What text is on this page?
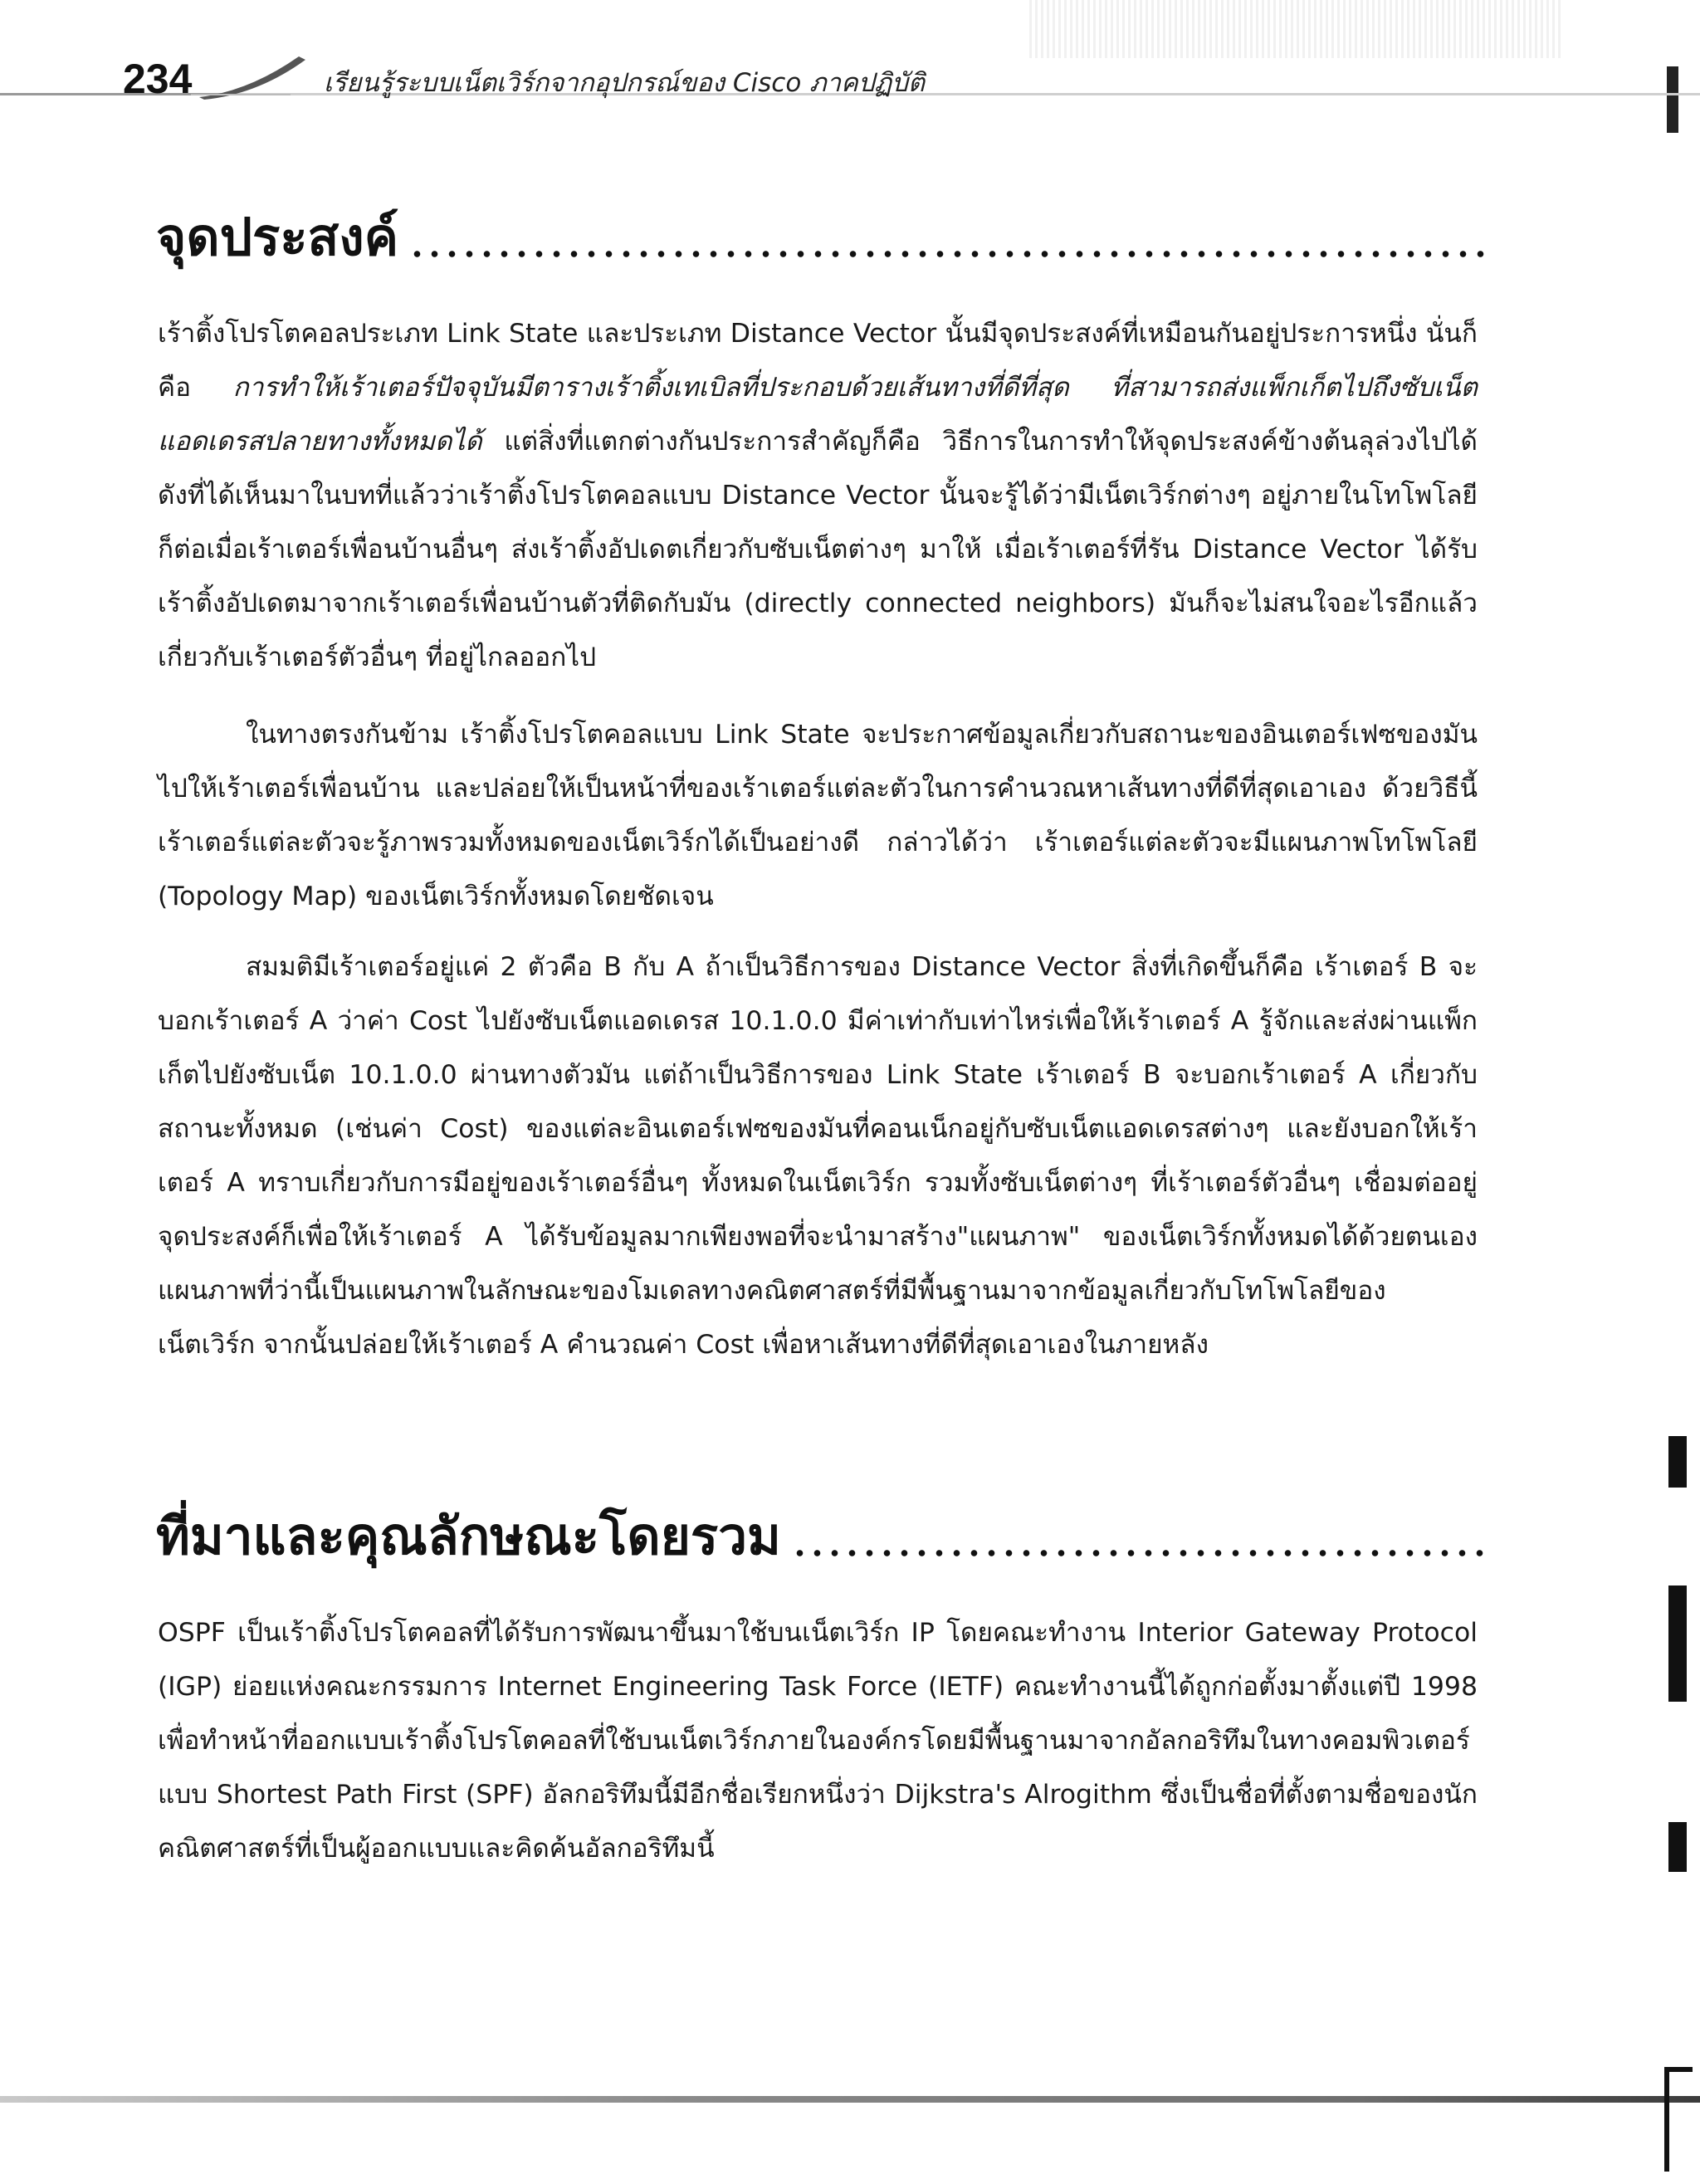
234	เรียนรู้ระบบเน็ตเวิร์กจากอุปกรณ์ของ Cisco ภาคปฏิบัติ
จุดประสงค์

เร้าติ้งโปรโตคอลประเภท Link State และประเภท Distance Vector นั้นมีจุดประสงค์ที่เหมือนกันอยู่ประการหนึ่ง นั่นก็คือ การทำให้เร้าเตอร์ปัจจุบันมีตารางเร้าติ้งเทเบิลที่ประกอบด้วยเส้นทางที่ดีที่สุด ที่สามารถส่งแพ็กเก็ตไปถึงซับเน็ตแอดเดรสปลายทางทั้งหมดได้ แต่สิ่งที่แตกต่างกันประการสำคัญก็คือ วิธีการในการทำให้จุดประสงค์ข้างต้นลุล่วงไปได้ ดังที่ได้เห็นมาในบทที่แล้วว่าเร้าติ้งโปรโตคอลแบบ Distance Vector นั้นจะรู้ได้ว่ามีเน็ตเวิร์กต่างๆ อยู่ภายในโทโพโลยีก็ต่อเมื่อเร้าเตอร์เพื่อนบ้านอื่นๆ ส่งเร้าติ้งอัปเดตเกี่ยวกับซับเน็ตต่างๆ มาให้ เมื่อเร้าเตอร์ที่รัน Distance Vector ได้รับเร้าติ้งอัปเดตมาจากเร้าเตอร์เพื่อนบ้านตัวที่ติดกับมัน (directly connected neighbors) มันก็จะไม่สนใจอะไรอีกแล้วเกี่ยวกับเร้าเตอร์ตัวอื่นๆ ที่อยู่ไกลออกไป

ในทางตรงกันข้าม เร้าติ้งโปรโตคอลแบบ Link State จะประกาศข้อมูลเกี่ยวกับสถานะของอินเตอร์เฟซของมันไปให้เร้าเตอร์เพื่อนบ้าน และปล่อยให้เป็นหน้าที่ของเร้าเตอร์แต่ละตัวในการคำนวณหาเส้นทางที่ดีที่สุดเอาเอง ด้วยวิธีนี้ เร้าเตอร์แต่ละตัวจะรู้ภาพรวมทั้งหมดของเน็ตเวิร์กได้เป็นอย่างดี กล่าวได้ว่า เร้าเตอร์แต่ละตัวจะมีแผนภาพโทโพโลยี (Topology Map) ของเน็ตเวิร์กทั้งหมดโดยชัดเจน

สมมติมีเร้าเตอร์อยู่แค่ 2 ตัวคือ B กับ A ถ้าเป็นวิธีการของ Distance Vector สิ่งที่เกิดขึ้นก็คือ เร้าเตอร์ B จะบอกเร้าเตอร์ A ว่าค่า Cost ไปยังซับเน็ตแอดเดรส 10.1.0.0 มีค่าเท่ากับเท่าไหร่เพื่อให้เร้าเตอร์ A รู้จักและส่งผ่านแพ็กเก็ตไปยังซับเน็ต 10.1.0.0 ผ่านทางตัวมัน แต่ถ้าเป็นวิธีการของ Link State เร้าเตอร์ B จะบอกเร้าเตอร์ A เกี่ยวกับสถานะทั้งหมด (เช่นค่า Cost) ของแต่ละอินเตอร์เฟซของมันที่คอนเน็กอยู่กับซับเน็ตแอดเดรสต่างๆ และยังบอกให้เร้าเตอร์ A ทราบเกี่ยวกับการมีอยู่ของเร้าเตอร์อื่นๆ ทั้งหมดในเน็ตเวิร์ก รวมทั้งซับเน็ตต่างๆ ที่เร้าเตอร์ตัวอื่นๆ เชื่อมต่ออยู่ จุดประสงค์ก็เพื่อให้เร้าเตอร์ A ได้รับข้อมูลมากเพียงพอที่จะนำมาสร้าง"แผนภาพ" ของเน็ตเวิร์กทั้งหมดได้ด้วยตนเอง แผนภาพที่ว่านี้เป็นแผนภาพในลักษณะของโมเดลทางคณิตศาสตร์ที่มีพื้นฐานมาจากข้อมูลเกี่ยวกับโทโพโลยีของเน็ตเวิร์ก จากนั้นปล่อยให้เร้าเตอร์ A คำนวณค่า Cost เพื่อหาเส้นทางที่ดีที่สุดเอาเองในภายหลัง

ที่มาและคุณลักษณะโดยรวม

OSPF เป็นเร้าติ้งโปรโตคอลที่ได้รับการพัฒนาขึ้นมาใช้บนเน็ตเวิร์ก IP โดยคณะทำงาน Interior Gateway Protocol (IGP) ย่อยแห่งคณะกรรมการ Internet Engineering Task Force (IETF) คณะทำงานนี้ได้ถูกก่อตั้งมาตั้งแต่ปี 1998 เพื่อทำหน้าที่ออกแบบเร้าติ้งโปรโตคอลที่ใช้บนเน็ตเวิร์กภายในองค์กรโดยมีพื้นฐานมาจากอัลกอริทึมในทางคอมพิวเตอร์แบบ Shortest Path First (SPF) อัลกอริทึมนี้มีอีกชื่อเรียกหนึ่งว่า Dijkstra's Alrogithm ซึ่งเป็นชื่อที่ตั้งตามชื่อของนักคณิตศาสตร์ที่เป็นผู้ออกแบบและคิดค้นอัลกอริทึมนี้
